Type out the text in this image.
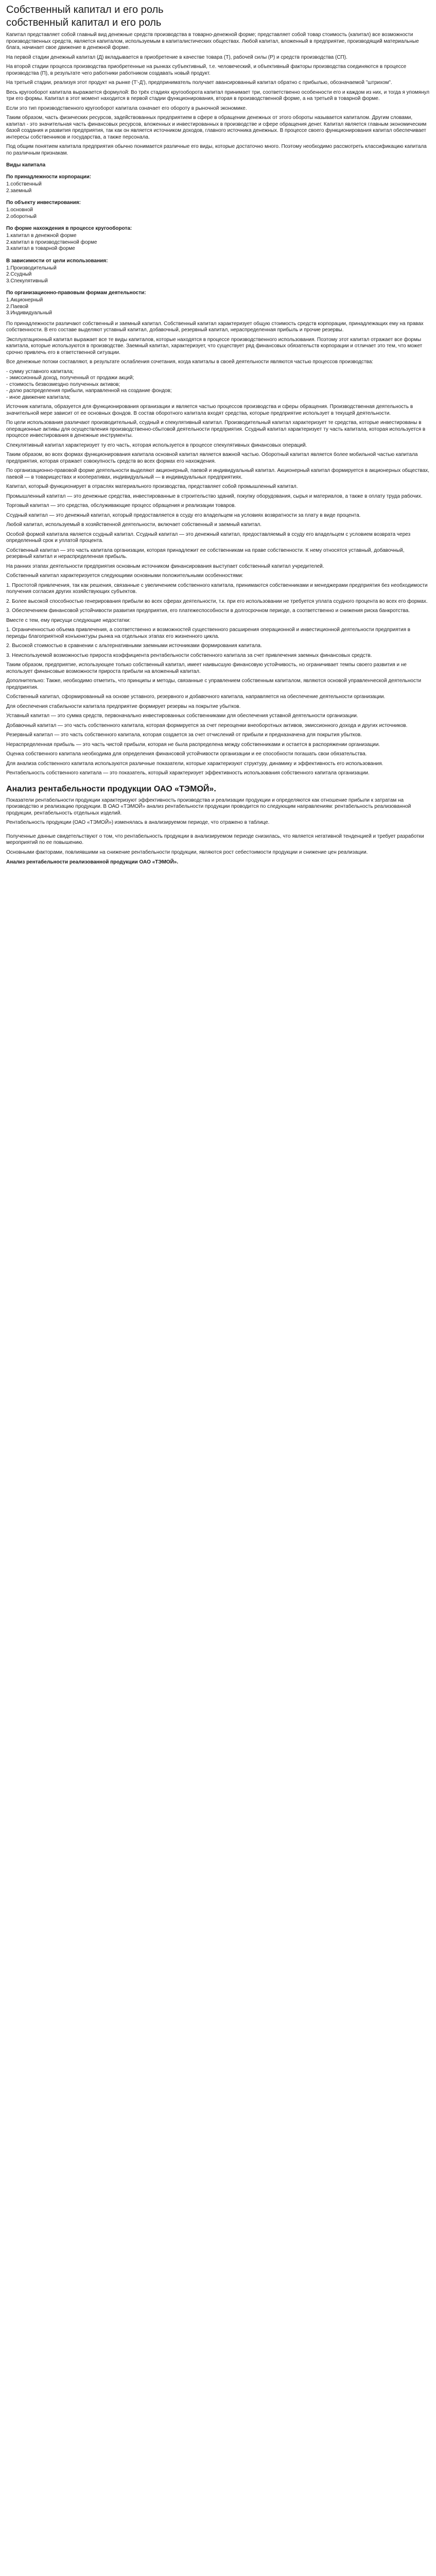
Собственный капитал и его роль
собственный капитал и его роль

Капитал представляет собой главный вид денежные средств производства в товарно-денежной форме; представляет собой товар стоимость (капитал) все возможности производственных средств, является капиталом, используемым в капиталистических обществах. Любой капитал, вложенный в предприятие, производящий материальные блага, начинает свое движение в денежной форме.

На первой стадии денежный капитал (Д) вкладывается в приобретение в качестве товара (Т), рабочей силы (Р) и средств производства (СП).

На второй стадии процесса производства приобретенные на рынках субъективный, т.е. человеческий, и объективный факторы производства соединяются в процессе производства (П), в результате чего работники работником создавать новый продукт.

На третьей стадии, реализуя этот продукт на рынке (Т'-Д'), предприниматель получает авансированный капитал обратно с прибылью, обозначаемой "штрихом".

Весь кругооборот капитала выражается формулой: Во трёх стадиях кругооборота капитал принимает три, соответственно особенности его и каждом из них, и тогда я упомянул три его формы. Капитал в этот момент находится в первой стадии функционирования, вторая в производственной форме, а на третьей в товарной форме.

Если это тип производственного кругооборот капитала означает его обороту в рыночной экономике.

Таким образом, часть физических ресурсов, задействованных предприятием в сфере в обращении денежных от этого обороты называется капиталом. Другим словами, капитал - это значительная часть финансовых ресурсов, вложенных и инвестированных в производстве и сфере обращения денег. Капитал является главным экономическим базой создания и развития предприятия, так как он является источником доходов, главного источника денежных. В процессе своего функционирования капитал обеспечивает интересы собственников и государства, а также персонала.

Под общим понятием капитала предприятия обычно понимается различные его виды, которые достаточно много. Поэтому необходимо рассмотреть классификацию капитала по различным признакам.

Виды капитала
По принадлежности корпорации:

1.собственный

2.заемный

По объекту инвестирования:

1.основной

2.оборотный

По форме нахождения в процессе кругооборота:

1.капитал в денежной форме

2.капитал в производственной форме

3.капитал в товарной форме

В зависимости от цели использования:

1.Производительный

2.Ссудный

3.Спекулятивный

По организационно-правовым формам деятельности:

1.Акционерный

2.Паевой

3.Индивидуальный

По принадлежности различают собственный и заемный капитал. Собственный капитал характеризует общую стоимость средств корпорации, принадлежащих ему на правах собственности. В его составе выделяют уставный капитал, добавочный, резервный капитал, нераспределенная прибыль и прочие резервы.

Эксплуатационный капитал выражает все те виды капиталов, которые находятся в процессе производственного использования. Поэтому этот капитал отражает все формы капитала, которые используются в производстве. Заемный капитал, характеризует, что существует ряд финансовых обязательств корпорации и отличает это тем, что может срочно привлечь его в ответственной ситуации.

Все денежные потоки составляют, в результате ослабления сочетания, когда капиталы в своей деятельности являются частью процессов производства:

- сумму уставного капитала;

- эмиссионный доход, полученный от продажи акций;

- стоимость безвозмездно полученных активов;

- долю распределения прибыли, направленной на создание фондов;

- иное движение капитала;

Источник капитала, образуется для функционирования организации и является частью процессов производства и сферы обращения. Производственная деятельность в значительной мере зависит от ее основных фондов. В состав оборотного капитала входят средства, которые предприятие использует в текущей деятельности.

По цели использования различают производительный, ссудный и спекулятивный капитал. Производительный капитал характеризует те средства, которые инвестированы в операционные активы для осуществления производственно-сбытовой деятельности предприятия. Ссудный капитал характеризует ту часть капитала, которая используется в процессе инвестирования в денежные инструменты.

Спекулятивный капитал характеризует ту его часть, которая используется в процессе спекулятивных финансовых операций.

Таким образом, во всех формах функционирования капитала основной капитал является важной частью. Оборотный капитал является более мобильной частью капитала предприятия, которая отражает совокупность средств во всех формах его нахождения.

По организационно-правовой форме деятельности выделяют акционерный, паевой и индивидуальный капитал. Акционерный капитал формируется в акционерных обществах, паевой — в товариществах и кооперативах, индивидуальный — в индивидуальных предприятиях.

Капитал, который функционирует в отраслях материального производства, представляет собой промышленный капитал.

Промышленный капитал — это денежные средства, инвестированные в строительство зданий, покупку оборудования, сырья и материалов, а также в оплату труда рабочих.

Торговый капитал — это средства, обслуживающие процесс обращения и реализации товаров.

Ссудный капитал — это денежный капитал, который предоставляется в ссуду его владельцем на условиях возвратности за плату в виде процента.

Любой капитал, используемый в хозяйственной деятельности, включает собственный и заемный капитал.

Особой формой капитала является ссудный капитал. Ссудный капитал — это денежный капитал, предоставляемый в ссуду его владельцем с условием возврата через определенный срок и уплатой процента.

Собственный капитал — это часть капитала организации, которая принадлежит ее собственникам на праве собственности. К нему относятся уставный, добавочный, резервный капитал и нераспределенная прибыль.

На ранних этапах деятельности предприятия основным источником финансирования выступает собственный капитал учредителей.

Собственный капитал характеризуется следующими основными положительными особенностями:

1. Простотой привлечения, так как решения, связанные с увеличением собственного капитала, принимаются собственниками и менеджерами предприятия без необходимости получения согласия других хозяйствующих субъектов.

2. Более высокой способностью генерирования прибыли во всех сферах деятельности, т.к. при его использовании не требуется уплата ссудного процента во всех его формах.

3. Обеспечением финансовой устойчивости развития предприятия, его платежеспособности в долгосрочном периоде, а соответственно и снижения риска банкротства.

Вместе с тем, ему присущи следующие недостатки:

1. Ограниченностью объема привлечения, а соответственно и возможностей существенного расширения операционной и инвестиционной деятельности предприятия в периоды благоприятной конъюнктуры рынка на отдельных этапах его жизненного цикла.

2. Высокой стоимостью в сравнении с альтернативными заемными источниками формирования капитала.

3. Неиспользуемой возможностью прироста коэффициента рентабельности собственного капитала за счет привлечения заемных финансовых средств.

Таким образом, предприятие, использующее только собственный капитал, имеет наивысшую финансовую устойчивость, но ограничивает темпы своего развития и не использует финансовые возможности прироста прибыли на вложенный капитал.

Дополнительно: Также, необходимо отметить, что принципы и методы, связанные с управлением собственным капиталом, являются основой управленческой деятельности предприятия.

Собственный капитал, сформированный на основе уставного, резервного и добавочного капитала, направляется на обеспечение деятельности организации.

Для обеспечения стабильности капитала предприятие формирует резервы на покрытие убытков.

Уставный капитал — это сумма средств, первоначально инвестированных собственниками для обеспечения уставной деятельности организации.

Добавочный капитал — это часть собственного капитала, которая формируется за счет переоценки внеоборотных активов, эмиссионного дохода и других источников.

Резервный капитал — это часть собственного капитала, которая создается за счет отчислений от прибыли и предназначена для покрытия убытков.

Нераспределенная прибыль — это часть чистой прибыли, которая не была распределена между собственниками и остается в распоряжении организации.

Оценка собственного капитала необходима для определения финансовой устойчивости организации и ее способности погашать свои обязательства.

Для анализа собственного капитала используются различные показатели, которые характеризуют структуру, динамику и эффективность его использования.

Рентабельность собственного капитала — это показатель, который характеризует эффективность использования собственного капитала организации.

Анализ рентабельности продукции ОАО «ТЭМОЙ».

Показатели рентабельности продукции характеризуют эффективность производства и реализации продукции и определяются как отношение прибыли к затратам на производство и реализацию продукции. В ОАО «ТЭМОЙ» анализ рентабельности продукции проводится по следующим направлениям: рентабельность реализованной продукции, рентабельность отдельных изделий.

Рентабельность продукции (ОАО «ТЭМОЙ») изменялась в анализируемом периоде, что отражено в таблице.

Полученные данные свидетельствуют о том, что рентабельность продукции в анализируемом периоде снизилась, что является негативной тенденцией и требует разработки мероприятий по ее повышению.

Основными факторами, повлиявшими на снижение рентабельности продукции, являются рост себестоимости продукции и снижение цен реализации.

Анализ рентабельности реализованной продукции ОАО «ТЭМОЙ».
